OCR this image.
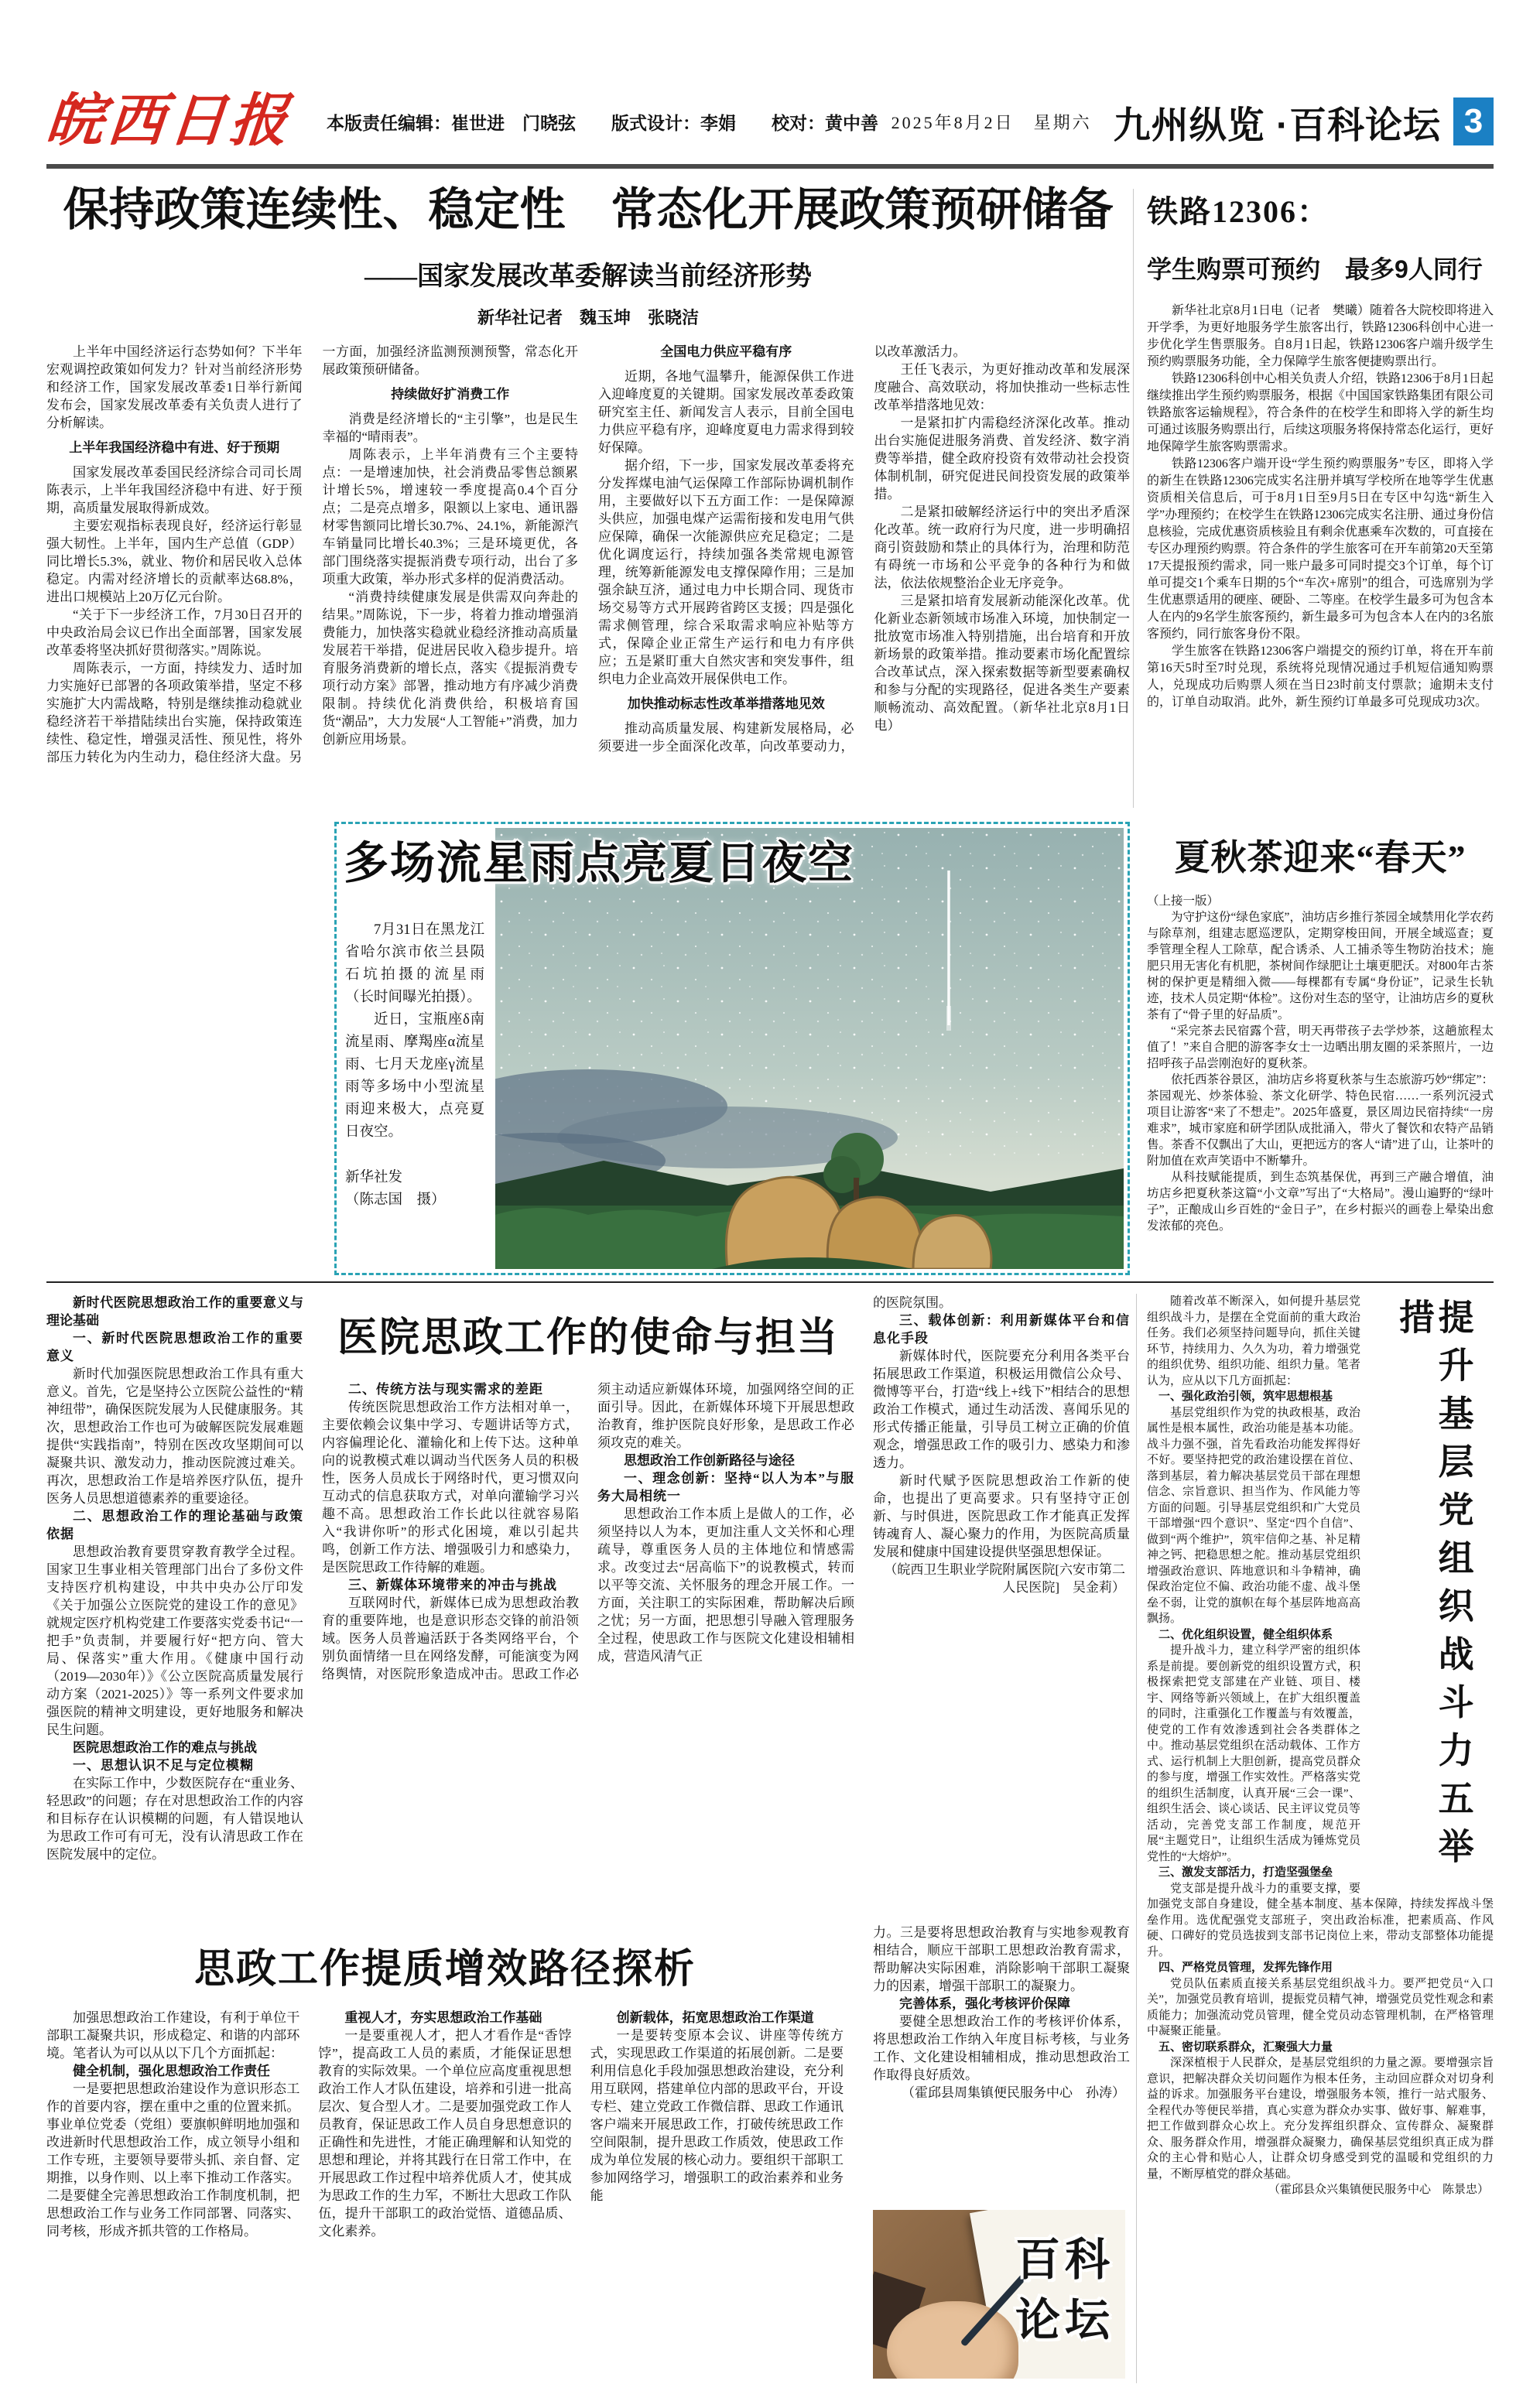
皖西日报 本版责任编辑：崔世进　门晓弦　　版式设计：李娟　　校对：黄中善 2025年8月2日　星期六 九州纵览 ·百科论坛 3
保持政策连续性、稳定性　常态化开展政策预研储备
——国家发展改革委解读当前经济形势
新华社记者　魏玉坤　张晓洁

上半年中国经济运行态势如何？下半年宏观调控政策如何发力？针对当前经济形势和经济工作，国家发展改革委1日举行新闻发布会，国家发展改革委有关负责人进行了分析解读。

上半年我国经济稳中有进、好于预期

国家发展改革委国民经济综合司司长周陈表示，上半年我国经济稳中有进、好于预期，高质量发展取得新成效。

主要宏观指标表现良好，经济运行彰显强大韧性。上半年，国内生产总值（GDP）同比增长5.3%，就业、物价和居民收入总体稳定。内需对经济增长的贡献率达68.8%，进出口规模站上20万亿元台阶。

“关于下一步经济工作，7月30日召开的中央政治局会议已作出全面部署，国家发展改革委将坚决抓好贯彻落实。”周陈说。

周陈表示，一方面，持续发力、适时加力实施好已部署的各项政策举措，坚定不移实施扩大内需战略，特别是继续推动稳就业稳经济若干举措陆续出台实施，保持政策连续性、稳定性，增强灵活性、预见性，将外部压力转化为内生动力，稳住经济大盘。另一方面，加强经济监测预测预警，常态化开展政策预研储备。

持续做好扩消费工作

消费是经济增长的“主引擎”，也是民生幸福的“晴雨表”。

周陈表示，上半年消费有三个主要特点：一是增速加快，社会消费品零售总额累计增长5%，增速较一季度提高0.4个百分点；二是亮点增多，限额以上家电、通讯器材零售额同比增长30.7%、24.1%，新能源汽车销量同比增长40.3%；三是环境更优，各部门围绕落实提振消费专项行动，出台了多项重大政策，举办形式多样的促消费活动。

“消费持续健康发展是供需双向奔赴的结果。”周陈说，下一步，将着力推动增强消费能力，加快落实稳就业稳经济推动高质量发展若干举措，促进居民收入稳步提升。培育服务消费新的增长点，落实《提振消费专项行动方案》部署，推动地方有序减少消费限制。持续优化消费供给，积极培育国货“潮品”，大力发展“人工智能+”消费，加力创新应用场景。

全国电力供应平稳有序

近期，各地气温攀升，能源保供工作进入迎峰度夏的关键期。国家发展改革委政策研究室主任、新闻发言人表示，目前全国电力供应平稳有序，迎峰度夏电力需求得到较好保障。

据介绍，下一步，国家发展改革委将充分发挥煤电油气运保障工作部际协调机制作用，主要做好以下五方面工作：一是保障源头供应，加强电煤产运需衔接和发电用气供应保障，确保一次能源供应充足稳定；二是优化调度运行，持续加强各类常规电源管理，统筹新能源发电支撑保障作用；三是加强余缺互济，通过电力中长期合同、现货市场交易等方式开展跨省跨区支援；四是强化需求侧管理，综合采取需求响应补贴等方式，保障企业正常生产运行和电力有序供应；五是紧盯重大自然灾害和突发事件，组织电力企业高效开展保供电工作。

加快推动标志性改革举措落地见效

推动高质量发展、构建新发展格局，必须要进一步全面深化改革，向改革要动力，以改革激活力。

王任飞表示，为更好推动改革和发展深度融合、高效联动，将加快推动一些标志性改革举措落地见效：

一是紧扣扩内需稳经济深化改革。推动出台实施促进服务消费、首发经济、数字消费等举措，健全政府投资有效带动社会投资体制机制，研究促进民间投资发展的政策举措。

二是紧扣破解经济运行中的突出矛盾深化改革。统一政府行为尺度，进一步明确招商引资鼓励和禁止的具体行为，治理和防范有碍统一市场和公平竞争的各种行为和做法，依法依规整治企业无序竞争。

三是紧扣培育发展新动能深化改革。优化新业态新领域市场准入环境，加快制定一批放宽市场准入特别措施，出台培育和开放新场景的政策举措。推动要素市场化配置综合改革试点，深入探索数据等新型要素确权和参与分配的实现路径，促进各类生产要素顺畅流动、高效配置。（新华社北京8月1日电）

铁路12306：
学生购票可预约　最多9人同行

新华社北京8月1日电（记者　樊曦）随着各大院校即将进入开学季，为更好地服务学生旅客出行，铁路12306科创中心进一步优化学生售票服务。自8月1日起，铁路12306客户端升级学生预约购票服务功能，全力保障学生旅客便捷购票出行。

铁路12306科创中心相关负责人介绍，铁路12306于8月1日起继续推出学生预约购票服务，根据《中国国家铁路集团有限公司铁路旅客运输规程》，符合条件的在校学生和即将入学的新生均可通过该服务购票出行，后续这项服务将保持常态化运行，更好地保障学生旅客购票需求。

铁路12306客户端开设“学生预约购票服务”专区，即将入学的新生在铁路12306完成实名注册并填写学校所在地等学生优惠资质相关信息后，可于8月1日至9月5日在专区中勾选“新生入学”办理预约；在校学生在铁路12306完成实名注册、通过身份信息核验，完成优惠资质核验且有剩余优惠乘车次数的，可直接在专区办理预约购票。符合条件的学生旅客可在开车前第20天至第17天提报预约需求，同一账户最多可同时提交3个订单，每个订单可提交1个乘车日期的5个“车次+席别”的组合，可选席别为学生优惠票适用的硬座、硬卧、二等座。在校学生最多可为包含本人在内的9名学生旅客预约，新生最多可为包含本人在内的3名旅客预约，同行旅客身份不限。

学生旅客在铁路12306客户端提交的预约订单，将在开车前第16天5时至7时兑现，系统将兑现情况通过手机短信通知购票人，兑现成功后购票人须在当日23时前支付票款；逾期未支付的，订单自动取消。此外，新生预约订单最多可兑现成功3次。

多场流星雨点亮夏日夜空

7月31日在黑龙江省哈尔滨市依兰县陨石坑拍摄的流星雨（长时间曝光拍摄）。

近日，宝瓶座δ南流星雨、摩羯座α流星雨、七月天龙座γ流星雨等多场中小型流星雨迎来极大，点亮夏日夜空。

新华社发
（陈志国　摄）
夏秋茶迎来“春天”

（上接一版）

为守护这份“绿色家底”，油坊店乡推行茶园全域禁用化学农药与除草剂，组建志愿巡逻队，定期穿梭田间，开展全域巡查；夏季管理全程人工除草，配合诱杀、人工捕杀等生物防治技术；施肥只用无害化有机肥，茶树间作绿肥让土壤更肥沃。对800年古茶树的保护更是精细入微——每棵都有专属“身份证”，记录生长轨迹，技术人员定期“体检”。这份对生态的坚守，让油坊店乡的夏秋茶有了“骨子里的好品质”。

“采完茶去民宿露个营，明天再带孩子去学炒茶，这趟旅程太值了！”来自合肥的游客李女士一边晒出朋友圈的采茶照片，一边招呼孩子品尝刚泡好的夏秋茶。

依托西茶谷景区，油坊店乡将夏秋茶与生态旅游巧妙“绑定”：茶园观光、炒茶体验、茶文化研学、特色民宿……一系列沉浸式项目让游客“来了不想走”。2025年盛夏，景区周边民宿持续“一房难求”，城市家庭和研学团队成批涌入，带火了餐饮和农特产品销售。茶香不仅飘出了大山，更把远方的客人“请”进了山，让茶叶的附加值在欢声笑语中不断攀升。

从科技赋能提质，到生态筑基保优，再到三产融合增值，油坊店乡把夏秋茶这篇“小文章”写出了“大格局”。漫山遍野的“绿叶子”，正酿成山乡百姓的“金日子”，在乡村振兴的画卷上晕染出愈发浓郁的亮色。

新时代医院思想政治工作的重要意义与理论基础

一、新时代医院思想政治工作的重要意义

新时代加强医院思想政治工作具有重大意义。首先，它是坚持公立医院公益性的“精神纽带”，确保医院发展为人民健康服务。其次，思想政治工作也可为破解医院发展难题提供“实践指南”，特别在医改攻坚期间可以凝聚共识、激发动力，推动医院渡过难关。再次，思想政治工作是培养医疗队伍，提升医务人员思想道德素养的重要途径。

二、思想政治工作的理论基础与政策依据

思想政治教育要贯穿教育教学全过程。国家卫生事业相关管理部门出台了多份文件支持医疗机构建设，中共中央办公厅印发《关于加强公立医院党的建设工作的意见》就规定医疗机构党建工作要落实党委书记“一把手”负责制，并要履行好“把方向、管大局、保落实”重大作用。《健康中国行动（2019—2030年）》《公立医院高质量发展行动方案（2021-2025）》等一系列文件要求加强医院的精神文明建设，更好地服务和解决民生问题。

医院思想政治工作的难点与挑战

一、思想认识不足与定位模糊

在实际工作中，少数医院存在“重业务、轻思政”的问题；存在对思想政治工作的内容和目标存在认识模糊的问题，有人错误地认为思政工作可有可无，没有认清思政工作在医院发展中的定位。

医院思政工作的使命与担当

二、传统方法与现实需求的差距

传统医院思想政治工作方法相对单一，主要依赖会议集中学习、专题讲话等方式，内容偏理论化、灌输化和上传下达。这种单向的说教模式难以调动当代医务人员的积极性，医务人员成长于网络时代，更习惯双向互动式的信息获取方式，对单向灌输学习兴趣不高。思想政治工作长此以往就容易陷入“我讲你听”的形式化困境，难以引起共鸣，创新工作方法、增强吸引力和感染力，是医院思政工作待解的难题。

三、新媒体环境带来的冲击与挑战

互联网时代，新媒体已成为思想政治教育的重要阵地，也是意识形态交锋的前沿领域。医务人员普遍活跃于各类网络平台，个别负面情绪一旦在网络发酵，可能演变为网络舆情，对医院形象造成冲击。思政工作必须主动适应新媒体环境，加强网络空间的正面引导。因此，在新媒体环境下开展思想政治教育，维护医院良好形象，是思政工作必须攻克的难关。

思想政治工作创新路径与途径

一、理念创新：坚持“以人为本”与服务大局相统一

思想政治工作本质上是做人的工作，必须坚持以人为本，更加注重人文关怀和心理疏导，尊重医务人员的主体地位和情感需求。改变过去“居高临下”的说教模式，转而以平等交流、关怀服务的理念开展工作。一方面，关注职工的实际困难，帮助解决后顾之忧；另一方面，把思想引导融入管理服务全过程，使思政工作与医院文化建设相辅相成，营造风清气正

的医院氛围。

三、载体创新：利用新媒体平台和信息化手段

新媒体时代，医院要充分利用各类平台拓展思政工作渠道，积极运用微信公众号、微博等平台，打造“线上+线下”相结合的思想政治工作模式，通过生动活泼、喜闻乐见的形式传播正能量，引导员工树立正确的价值观念，增强思政工作的吸引力、感染力和渗透力。

新时代赋予医院思想政治工作新的使命，也提出了更高要求。只有坚持守正创新、与时俱进，医院思政工作才能真正发挥铸魂育人、凝心聚力的作用，为医院高质量发展和健康中国建设提供坚强思想保证。

（皖西卫生职业学院附属医院[六安市第二人民医院]　吴金莉）

思政工作提质增效路径探析

加强思想政治工作建设，有利于单位干部职工凝聚共识，形成稳定、和谐的内部环境。笔者认为可以从以下几个方面抓起：

健全机制，强化思想政治工作责任

一是要把思想政治建设作为意识形态工作的首要内容，摆在重中之重的位置来抓。事业单位党委（党组）要旗帜鲜明地加强和改进新时代思想政治工作，成立领导小组和工作专班，主要领导要带头抓、亲自督、定期推，以身作则、以上率下推动工作落实。二是要健全完善思想政治工作制度机制，把思想政治工作与业务工作同部署、同落实、同考核，形成齐抓共管的工作格局。

重视人才，夯实思想政治工作基础

一是要重视人才，把人才看作是“香饽饽”，提高政工人员的素质，才能保证思想教育的实际效果。一个单位应高度重视思想政治工作人才队伍建设，培养和引进一批高层次、复合型人才。二是要加强党政工作人员教育，保证思政工作人员自身思想意识的正确性和先进性，才能正确理解和认知党的思想和理论，并将其践行在日常工作中，在开展思政工作过程中培养优质人才，使其成为思政工作的生力军，不断壮大思政工作队伍，提升干部职工的政治觉悟、道德品质、文化素养。

创新载体，拓宽思想政治工作渠道

一是要转变原本会议、讲座等传统方式，实现思政工作渠道的拓展创新。二是要利用信息化手段加强思想政治建设，充分利用互联网，搭建单位内部的思政平台，开设专栏、建立党政工作微信群、思政工作通讯客户端来开展思政工作，打破传统思政工作空间限制，提升思政工作质效，使思政工作成为单位发展的核心动力。要组织干部职工参加网络学习，增强职工的政治素养和业务能

力。三是要将思想政治教育与实地参观教育相结合，顺应干部职工思想政治教育需求，帮助解决实际困难，消除影响干部职工凝聚力的因素，增强干部职工的凝聚力。

完善体系，强化考核评价保障

要健全思想政治工作的考核评价体系，将思想政治工作纳入年度目标考核，与业务工作、文化建设相辅相成，推动思想政治工作取得良好质效。

（霍邱县周集镇便民服务中心　孙涛）

百科
论坛
提升基层党组织战斗力五举措

随着改革不断深入，如何提升基层党组织战斗力，是摆在全党面前的重大政治任务。我们必须坚持问题导向，抓住关键环节，持续用力、久久为功，着力增强党的组织优势、组织功能、组织力量。笔者认为，应从以下几方面抓起：

一、强化政治引领，筑牢思想根基

基层党组织作为党的执政根基，政治属性是根本属性，政治功能是基本功能。战斗力强不强，首先看政治功能发挥得好不好。要坚持把党的政治建设摆在首位、落到基层，着力解决基层党员干部在理想信念、宗旨意识、担当作为、作风能力等方面的问题。引导基层党组织和广大党员干部增强“四个意识”、坚定“四个自信”、做到“两个维护”，筑牢信仰之基、补足精神之钙、把稳思想之舵。推动基层党组织增强政治意识、阵地意识和斗争精神，确保政治定位不偏、政治功能不虚、战斗堡垒不弱，让党的旗帜在每个基层阵地高高飘扬。

二、优化组织设置，健全组织体系

提升战斗力，建立科学严密的组织体系是前提。要创新党的组织设置方式，积极探索把党支部建在产业链、项目、楼宇、网络等新兴领域上，在扩大组织覆盖的同时，注重强化工作覆盖与有效覆盖，使党的工作有效渗透到社会各类群体之中。推动基层党组织在活动载体、工作方式、运行机制上大胆创新，提高党员群众的参与度，增强工作实效性。严格落实党的组织生活制度，认真开展“三会一课”、组织生活会、谈心谈话、民主评议党员等活动，完善党支部工作制度，规范开展“主题党日”，让组织生活成为锤炼党员党性的“大熔炉”。

三、激发支部活力，打造坚强堡垒

党支部是提升战斗力的重要支撑，要加强党支部自身建设，健全基本制度、基本保障，持续发挥战斗堡垒作用。选优配强党支部班子，突出政治标准，把素质高、作风硬、口碑好的党员选拔到支部书记岗位上来，带动支部整体功能提升。

四、严格党员管理，发挥先锋作用

党员队伍素质直接关系基层党组织战斗力。要严把党员“入口关”，加强党员教育培训，提振党员精气神，增强党员党性观念和素质能力；加强流动党员管理，健全党员动态管理机制，在严格管理中凝聚正能量。

五、密切联系群众，汇聚强大力量

深深植根于人民群众，是基层党组织的力量之源。要增强宗旨意识，把解决群众关切问题作为根本任务，主动回应群众对切身利益的诉求。加强服务平台建设，增强服务本领，推行一站式服务、全程代办等便民举措，真心实意为群众办实事、做好事、解难事，把工作做到群众心坎上。充分发挥组织群众、宣传群众、凝聚群众、服务群众作用，增强群众凝聚力，确保基层党组织真正成为群众的主心骨和贴心人，让群众切身感受到党的温暖和党组织的力量，不断厚植党的群众基础。

（霍邱县众兴集镇便民服务中心　陈景忠）
